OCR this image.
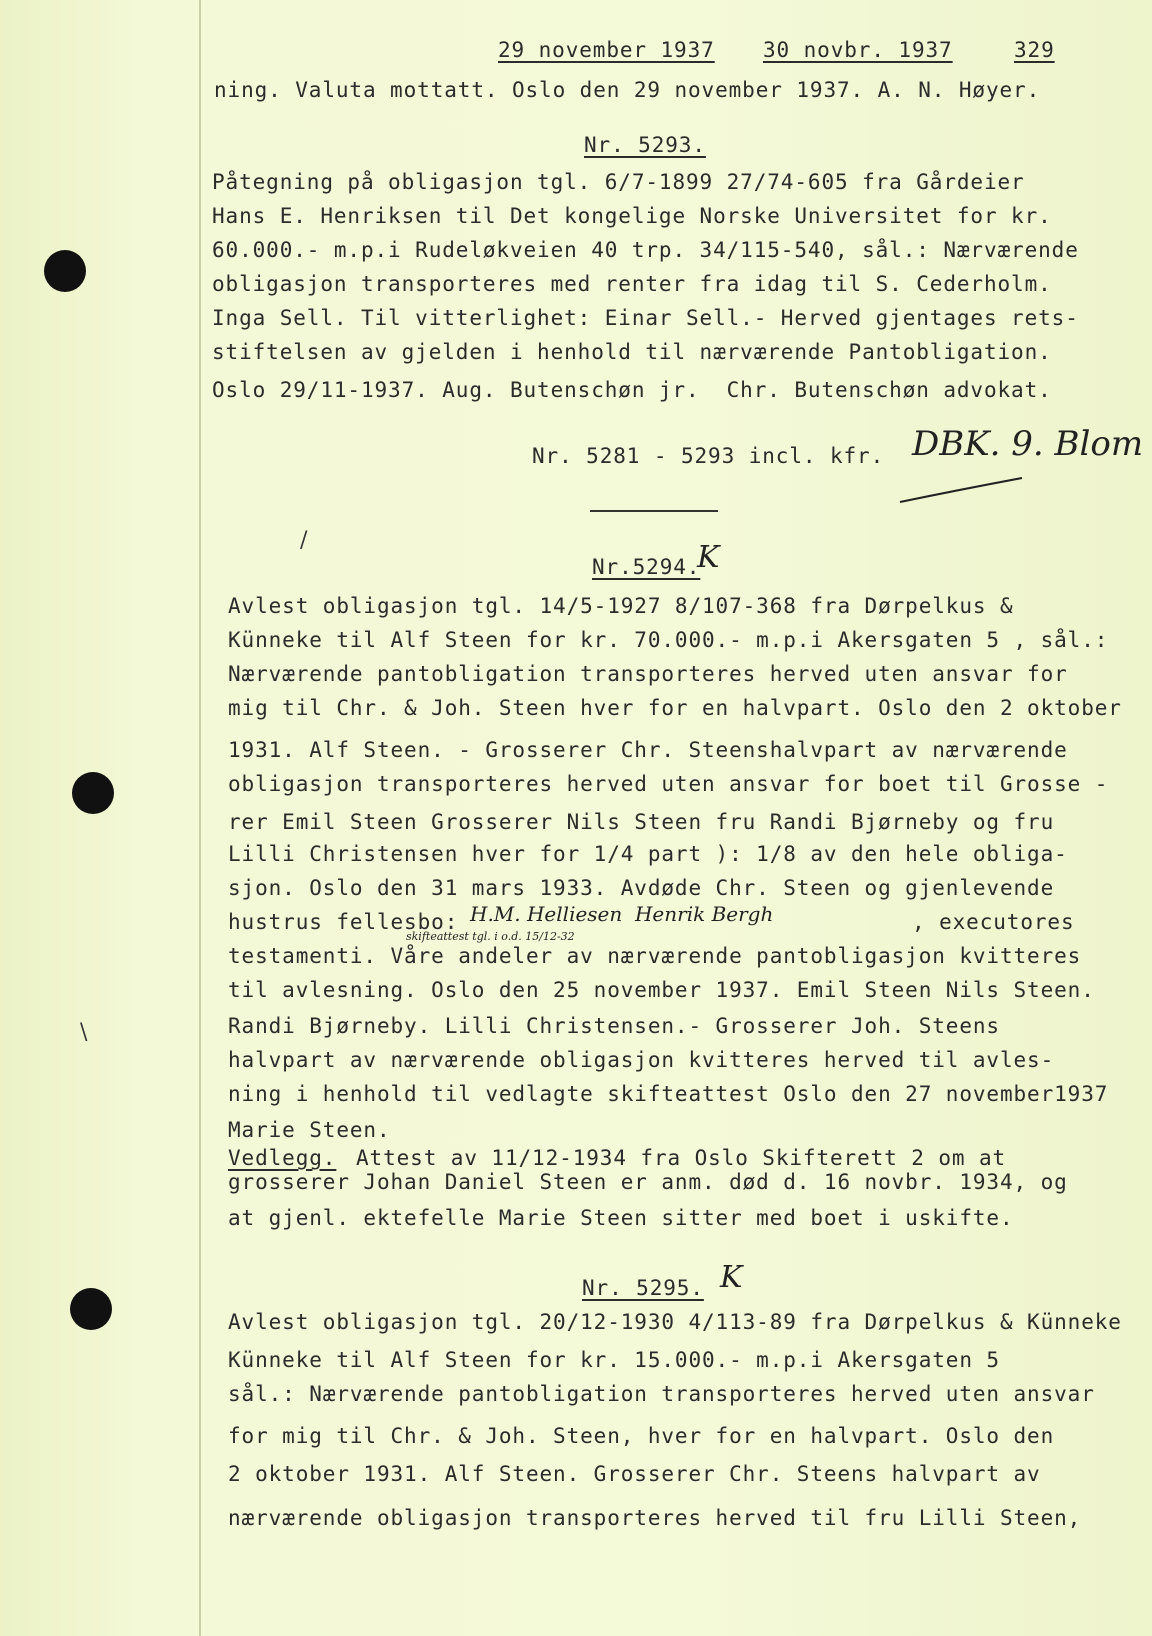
29 november 1937 30 novbr. 1937	329
ning. Valuta mottatt. Oslo den 29 november 1937. A. N. Høyer.
Nr. 5293.
Påtegning på obligasjon tgl. 6/7-1899 27/74-605 fra Gårdeier
Hans E. Henriksen til Det kongelige Norske Universitet for kr.
60.000.- m.p.i Rudeløkveien 40 trp. 34/115-540, sål.: Nærværende
obligasjon transporteres med renter fra idag til S. Cederholm.
Inga Sell. Til vitterlighet: Einar Sell.- Herved gjentages rets-
stiftelsen av gjelden i henhold til nærværende Pantobligation.
Oslo 29/11-1937. Aug. Butenschøn jr.  Chr. Butenschøn advokat.
Nr. 5281 - 5293 incl. kfr. DBK. 9. Blom
Nr.5294.
K
Avlest obligasjon tgl. 14/5-1927 8/107-368 fra Dørpelkus &
Künneke til Alf Steen for kr. 70.000.- m.p.i Akersgaten 5 , sål.:
Nærværende pantobligation transporteres herved uten ansvar for
mig til Chr. & Joh. Steen hver for en halvpart. Oslo den 2 oktober
1931. Alf Steen. - Grosserer Chr. Steenshalvpart av nærværende
obligasjon transporteres herved uten ansvar for boet til Grosse -
rer Emil Steen Grosserer Nils Steen fru Randi Bjørneby og fru
Lilli Christensen hver for 1/4 part ): 1/8 av den hele obliga-
sjon. Oslo den 31 mars 1933. Avdøde Chr. Steen og gjenlevende
hustrus fellesbo: H.M. Helliesen  Henrik Bergh
skifteattest tgl. i o.d. 15/12-32
, executores
testamenti. Våre andeler av nærværende pantobligasjon kvitteres
til avlesning. Oslo den 25 november 1937. Emil Steen Nils Steen.
Randi Bjørneby. Lilli Christensen.- Grosserer Joh. Steens
halvpart av nærværende obligasjon kvitteres herved til avles-
ning i henhold til vedlagte skifteattest Oslo den 27 november1937
Marie Steen.
Vedlegg. Attest av 11/12-1934 fra Oslo Skifterett 2 om at
grosserer Johan Daniel Steen er anm. død d. 16 novbr. 1934, og
at gjenl. ektefelle Marie Steen sitter med boet i uskifte.
Nr. 5295. K
Avlest obligasjon tgl. 20/12-1930 4/113-89 fra Dørpelkus & Künneke
Künneke til Alf Steen for kr. 15.000.- m.p.i Akersgaten 5
sål.: Nærværende pantobligation transporteres herved uten ansvar
for mig til Chr. & Joh. Steen, hver for en halvpart. Oslo den
2 oktober 1931. Alf Steen. Grosserer Chr. Steens halvpart av
nærværende obligasjon transporteres herved til fru Lilli Steen,
/
\
